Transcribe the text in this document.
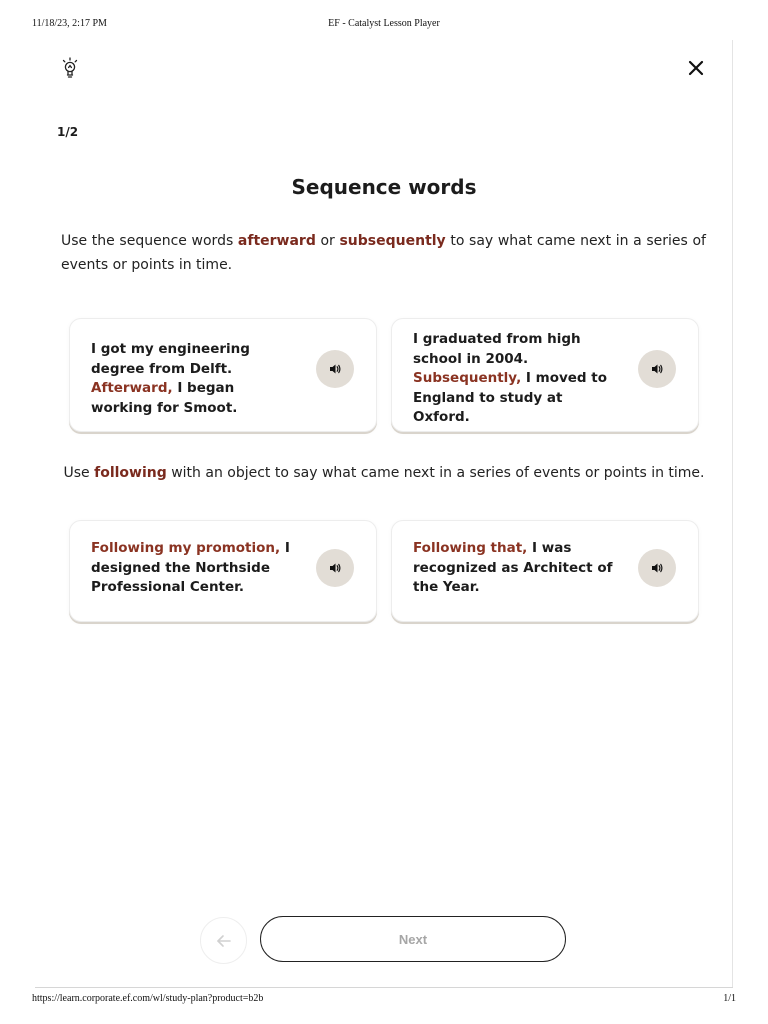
11/18/23, 2:17 PM	EF - Catalyst Lesson Player
1/2
Sequence words

Use the sequence words afterward or subsequently to say what came next in a series of events or points in time.

I got my engineering degree from Delft. Afterward, I began working for Smoot.
I graduated from high school in 2004. Subsequently, I moved to England to study at Oxford.

Use following with an object to say what came next in a series of events or points in time.

Following my promotion, I designed the Northside Professional Center.
Following that, I was recognized as Architect of the Year.
Next
https://learn.corporate.ef.com/wl/study-plan?product=b2b	1/1
